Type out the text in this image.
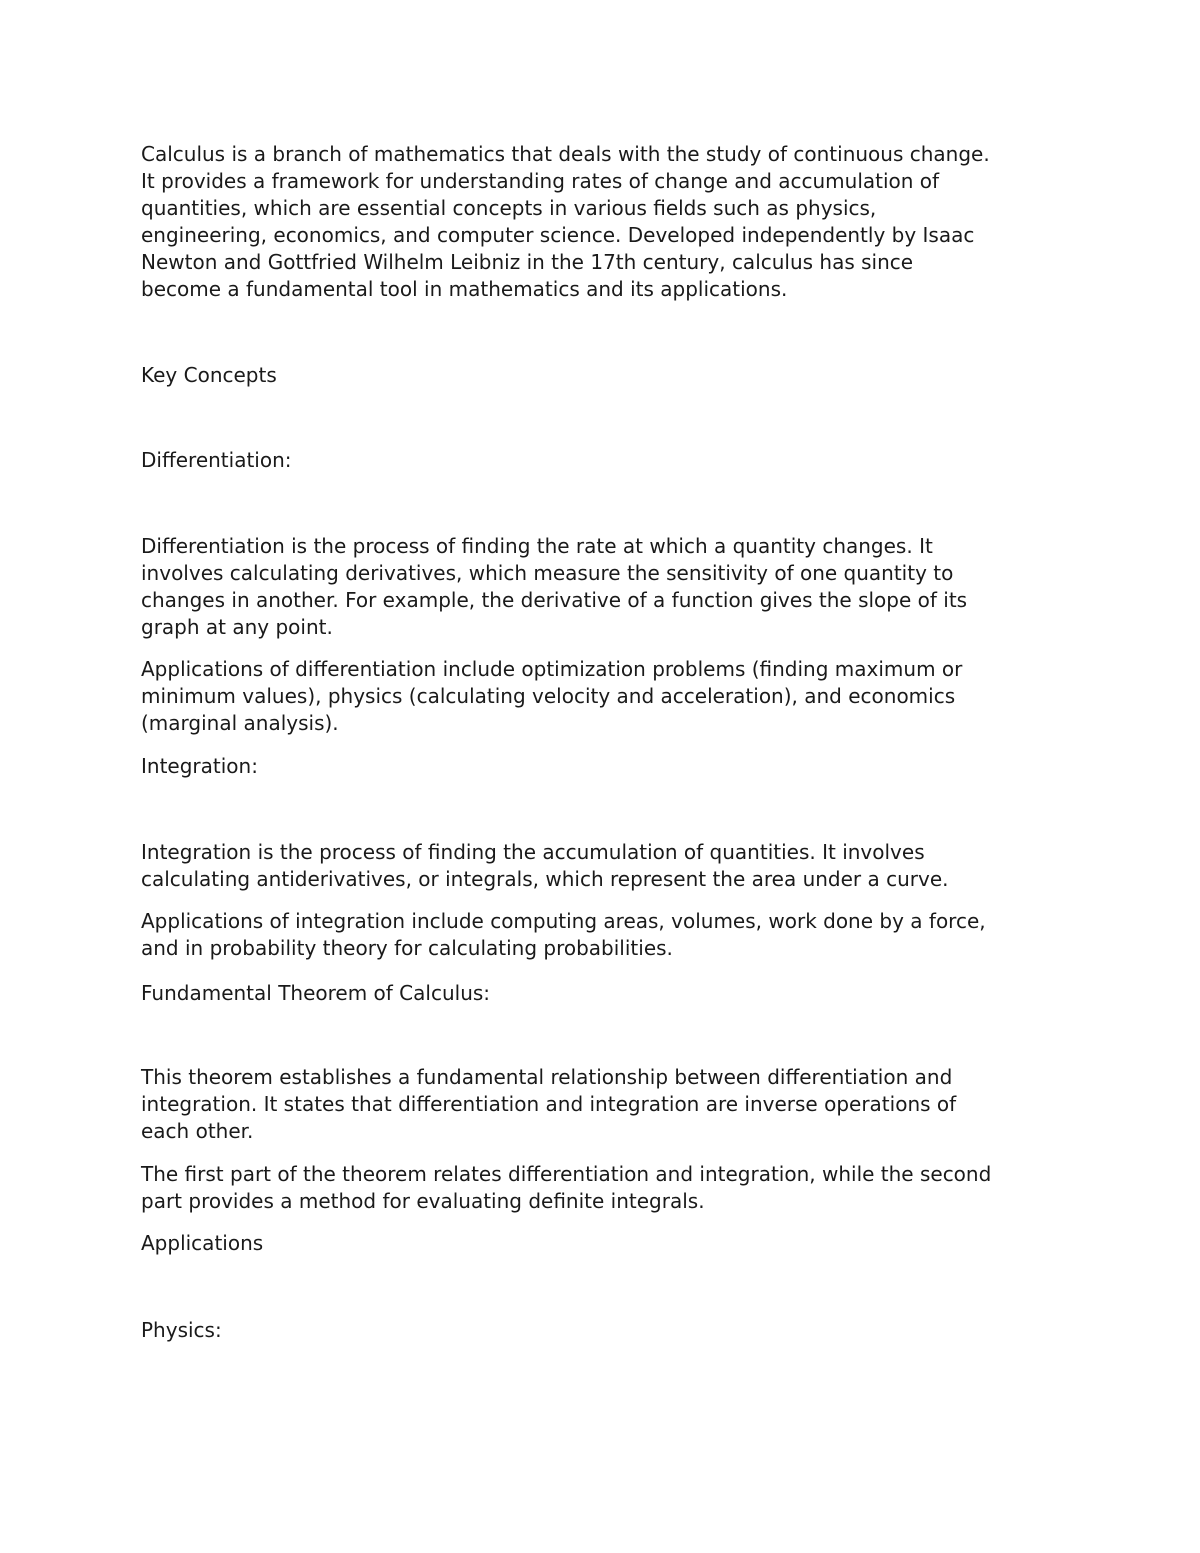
Calculus is a branch of mathematics that deals with the study of continuous change.
It provides a framework for understanding rates of change and accumulation of
quantities, which are essential concepts in various fields such as physics,
engineering, economics, and computer science. Developed independently by Isaac
Newton and Gottfried Wilhelm Leibniz in the 17th century, calculus has since
become a fundamental tool in mathematics and its applications.

Key Concepts

Differentiation:

Differentiation is the process of finding the rate at which a quantity changes. It
involves calculating derivatives, which measure the sensitivity of one quantity to
changes in another. For example, the derivative of a function gives the slope of its
graph at any point.

Applications of differentiation include optimization problems (finding maximum or
minimum values), physics (calculating velocity and acceleration), and economics
(marginal analysis).

Integration:

Integration is the process of finding the accumulation of quantities. It involves
calculating antiderivatives, or integrals, which represent the area under a curve.

Applications of integration include computing areas, volumes, work done by a force,
and in probability theory for calculating probabilities.

Fundamental Theorem of Calculus:

This theorem establishes a fundamental relationship between differentiation and
integration. It states that differentiation and integration are inverse operations of
each other.

The first part of the theorem relates differentiation and integration, while the second
part provides a method for evaluating definite integrals.

Applications

Physics:
